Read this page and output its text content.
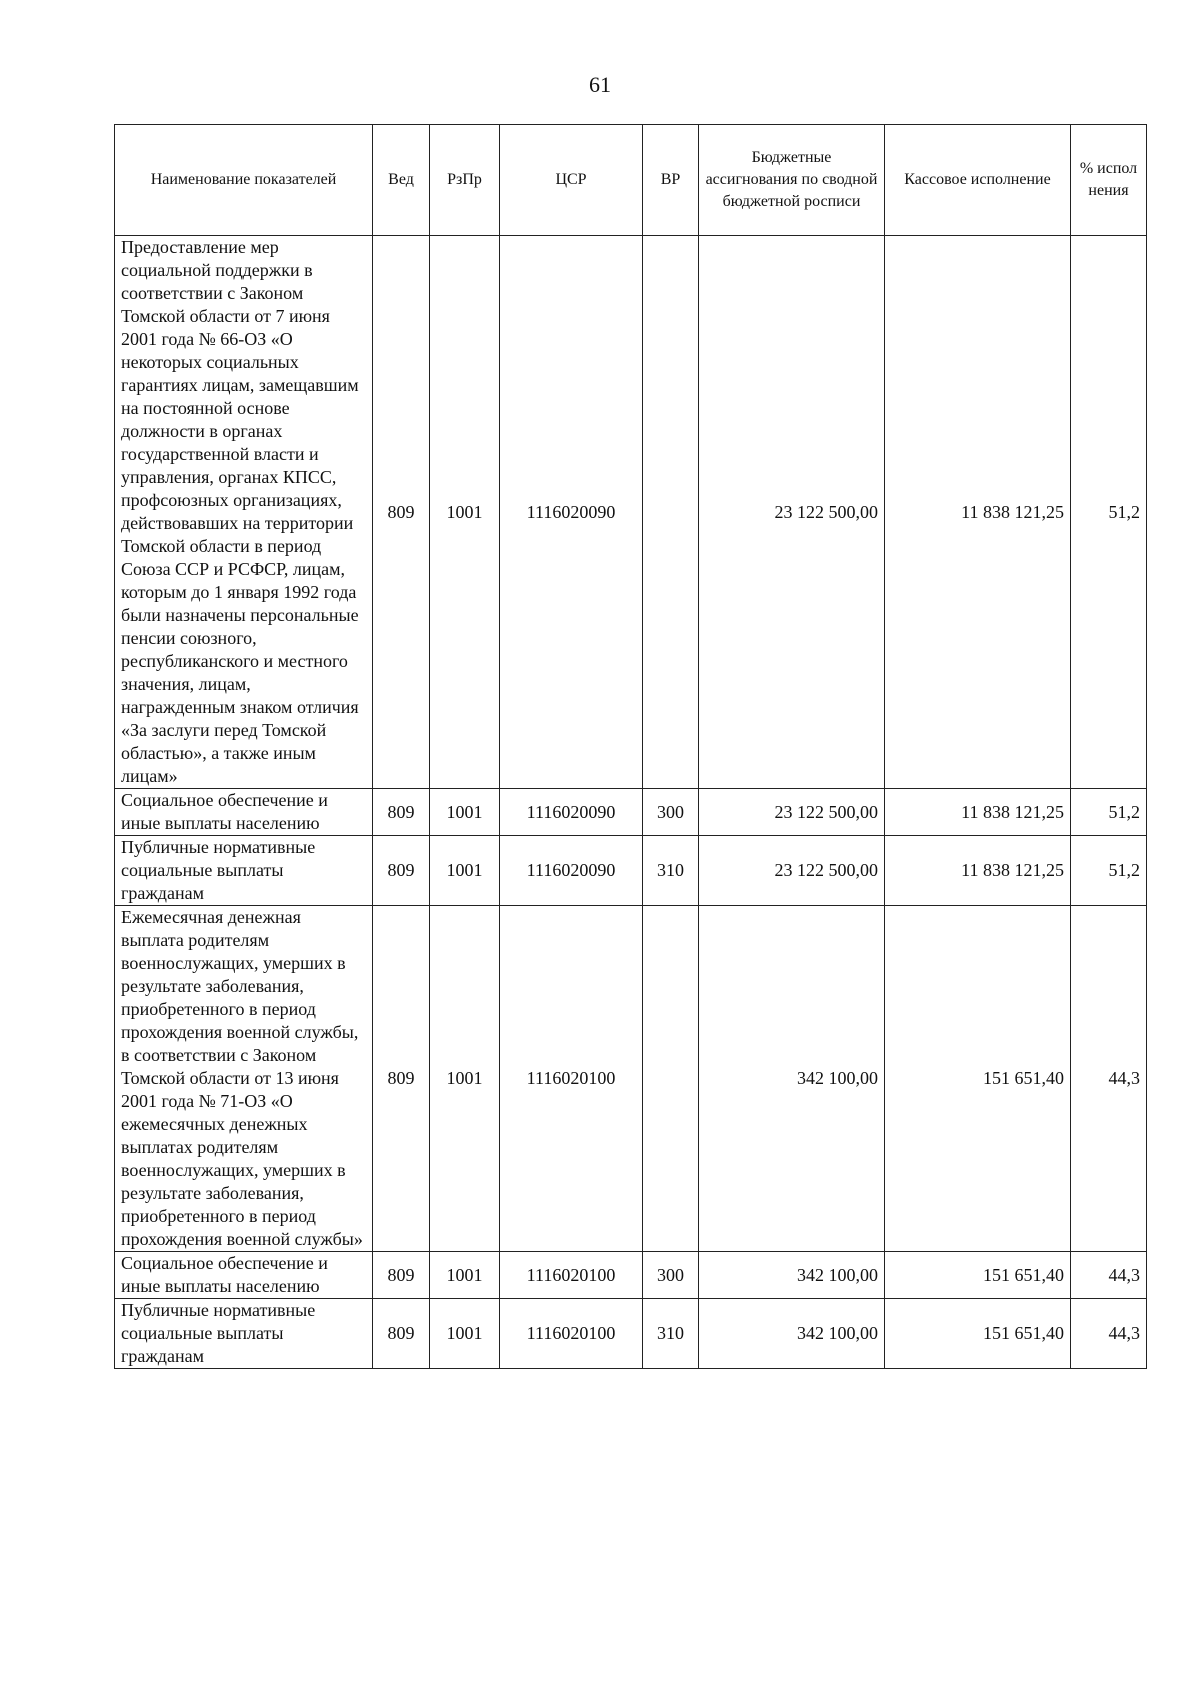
61
Наименование показателей	Вед	РзПр	ЦСР	ВР	Бюджетные ассигнования по сводной бюджетной росписи	Кассовое исполнение	% испол нения
Предоставление мер социальной поддержки в соответствии с Законом Томской области от 7 июня 2001 года № 66-ОЗ «О некоторых социальных гарантиях лицам, замещавшим на постоянной основе должности в органах государственной власти и управления, органах КПСС, профсоюзных организациях, действовавших на территории Томской области в период Союза ССР и РСФСР, лицам, которым до 1 января 1992 года были назначены персональные пенсии союзного, республиканского и местного значения, лицам, награжденным знаком отличия «За заслуги перед Томской областью», а также иным лицам»	809	1001	1116020090		23 122 500,00	11 838 121,25	51,2
Социальное обеспечение и иные выплаты населению	809	1001	1116020090	300	23 122 500,00	11 838 121,25	51,2
Публичные нормативные социальные выплаты гражданам	809	1001	1116020090	310	23 122 500,00	11 838 121,25	51,2
Ежемесячная денежная выплата родителям военнослужащих, умерших в результате заболевания, приобретенного в период прохождения военной службы, в соответствии с Законом Томской области от 13 июня 2001 года № 71-ОЗ «О ежемесячных денежных выплатах родителям военнослужащих, умерших в результате заболевания, приобретенного в период прохождения военной службы»	809	1001	1116020100		342 100,00	151 651,40	44,3
Социальное обеспечение и иные выплаты населению	809	1001	1116020100	300	342 100,00	151 651,40	44,3
Публичные нормативные социальные выплаты гражданам	809	1001	1116020100	310	342 100,00	151 651,40	44,3
